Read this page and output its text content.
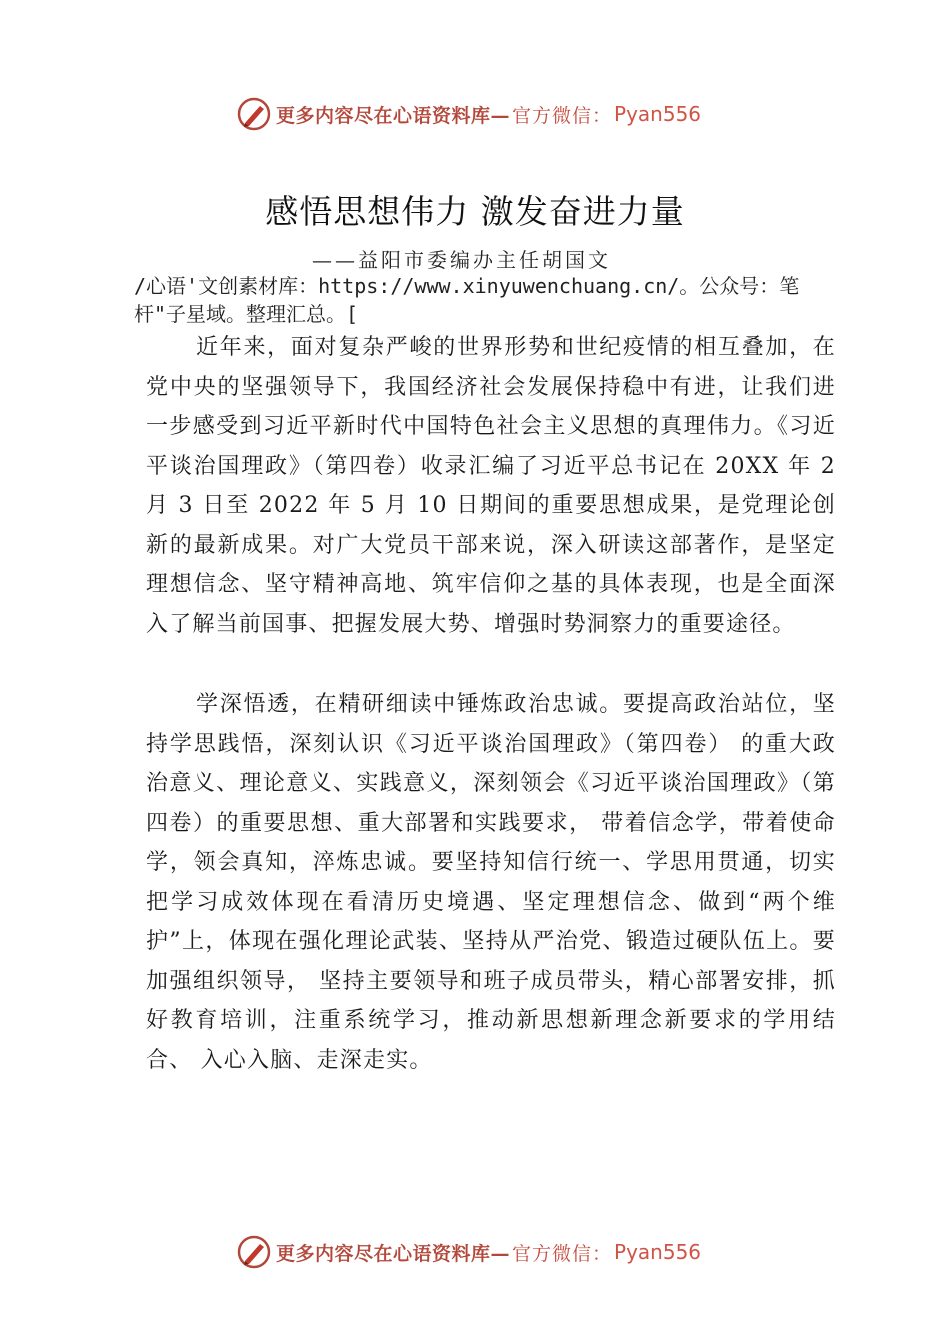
更多内容尽在心语资料库— 官方微信： Pyan556
感悟思想伟力 激发奋进力量
——益阳市委编办主任胡国文
/心语'文创素材库：https://www.xinyuwenchuang.cn/。公众号：笔杆"子星域。整理汇总。[
近年来，面对复杂严峻的世界形势和世纪疫情的相互叠加，在党中央的坚强领导下，我国经济社会发展保持稳中有进，让我们进一步感受到习近平新时代中国特色社会主义思想的真理伟力。《习近平谈治国理政》（第四卷）收录汇编了习近平总书记在 20XX 年 2 月 3 日至 2022 年 5 月 10 日期间的重要思想成果，是党理论创新的最新成果。对广大党员干部来说，深入研读这部著作，是坚定理想信念、坚守精神高地、筑牢信仰之基的具体表现，也是全面深入了解当前国事、把握发展大势、增强时势洞察力的重要途径。
学深悟透，在精研细读中锤炼政治忠诚。要提高政治站位，坚持学思践悟，深刻认识《习近平谈治国理政》（第四卷） 的重大政治意义、理论意义、实践意义，深刻领会《习近平谈治国理政》（第四卷）的重要思想、重大部署和实践要求， 带着信念学，带着使命学，领会真知，淬炼忠诚。要坚持知信行统一、学思用贯通，切实把学习成效体现在看清历史境遇、坚定理想信念、做到“两个维护”上，体现在强化理论武装、坚持从严治党、锻造过硬队伍上。要加强组织领导， 坚持主要领导和班子成员带头，精心部署安排，抓好教育培训，注重系统学习，推动新思想新理念新要求的学用结合、 入心入脑、走深走实。
更多内容尽在心语资料库— 官方微信： Pyan556
